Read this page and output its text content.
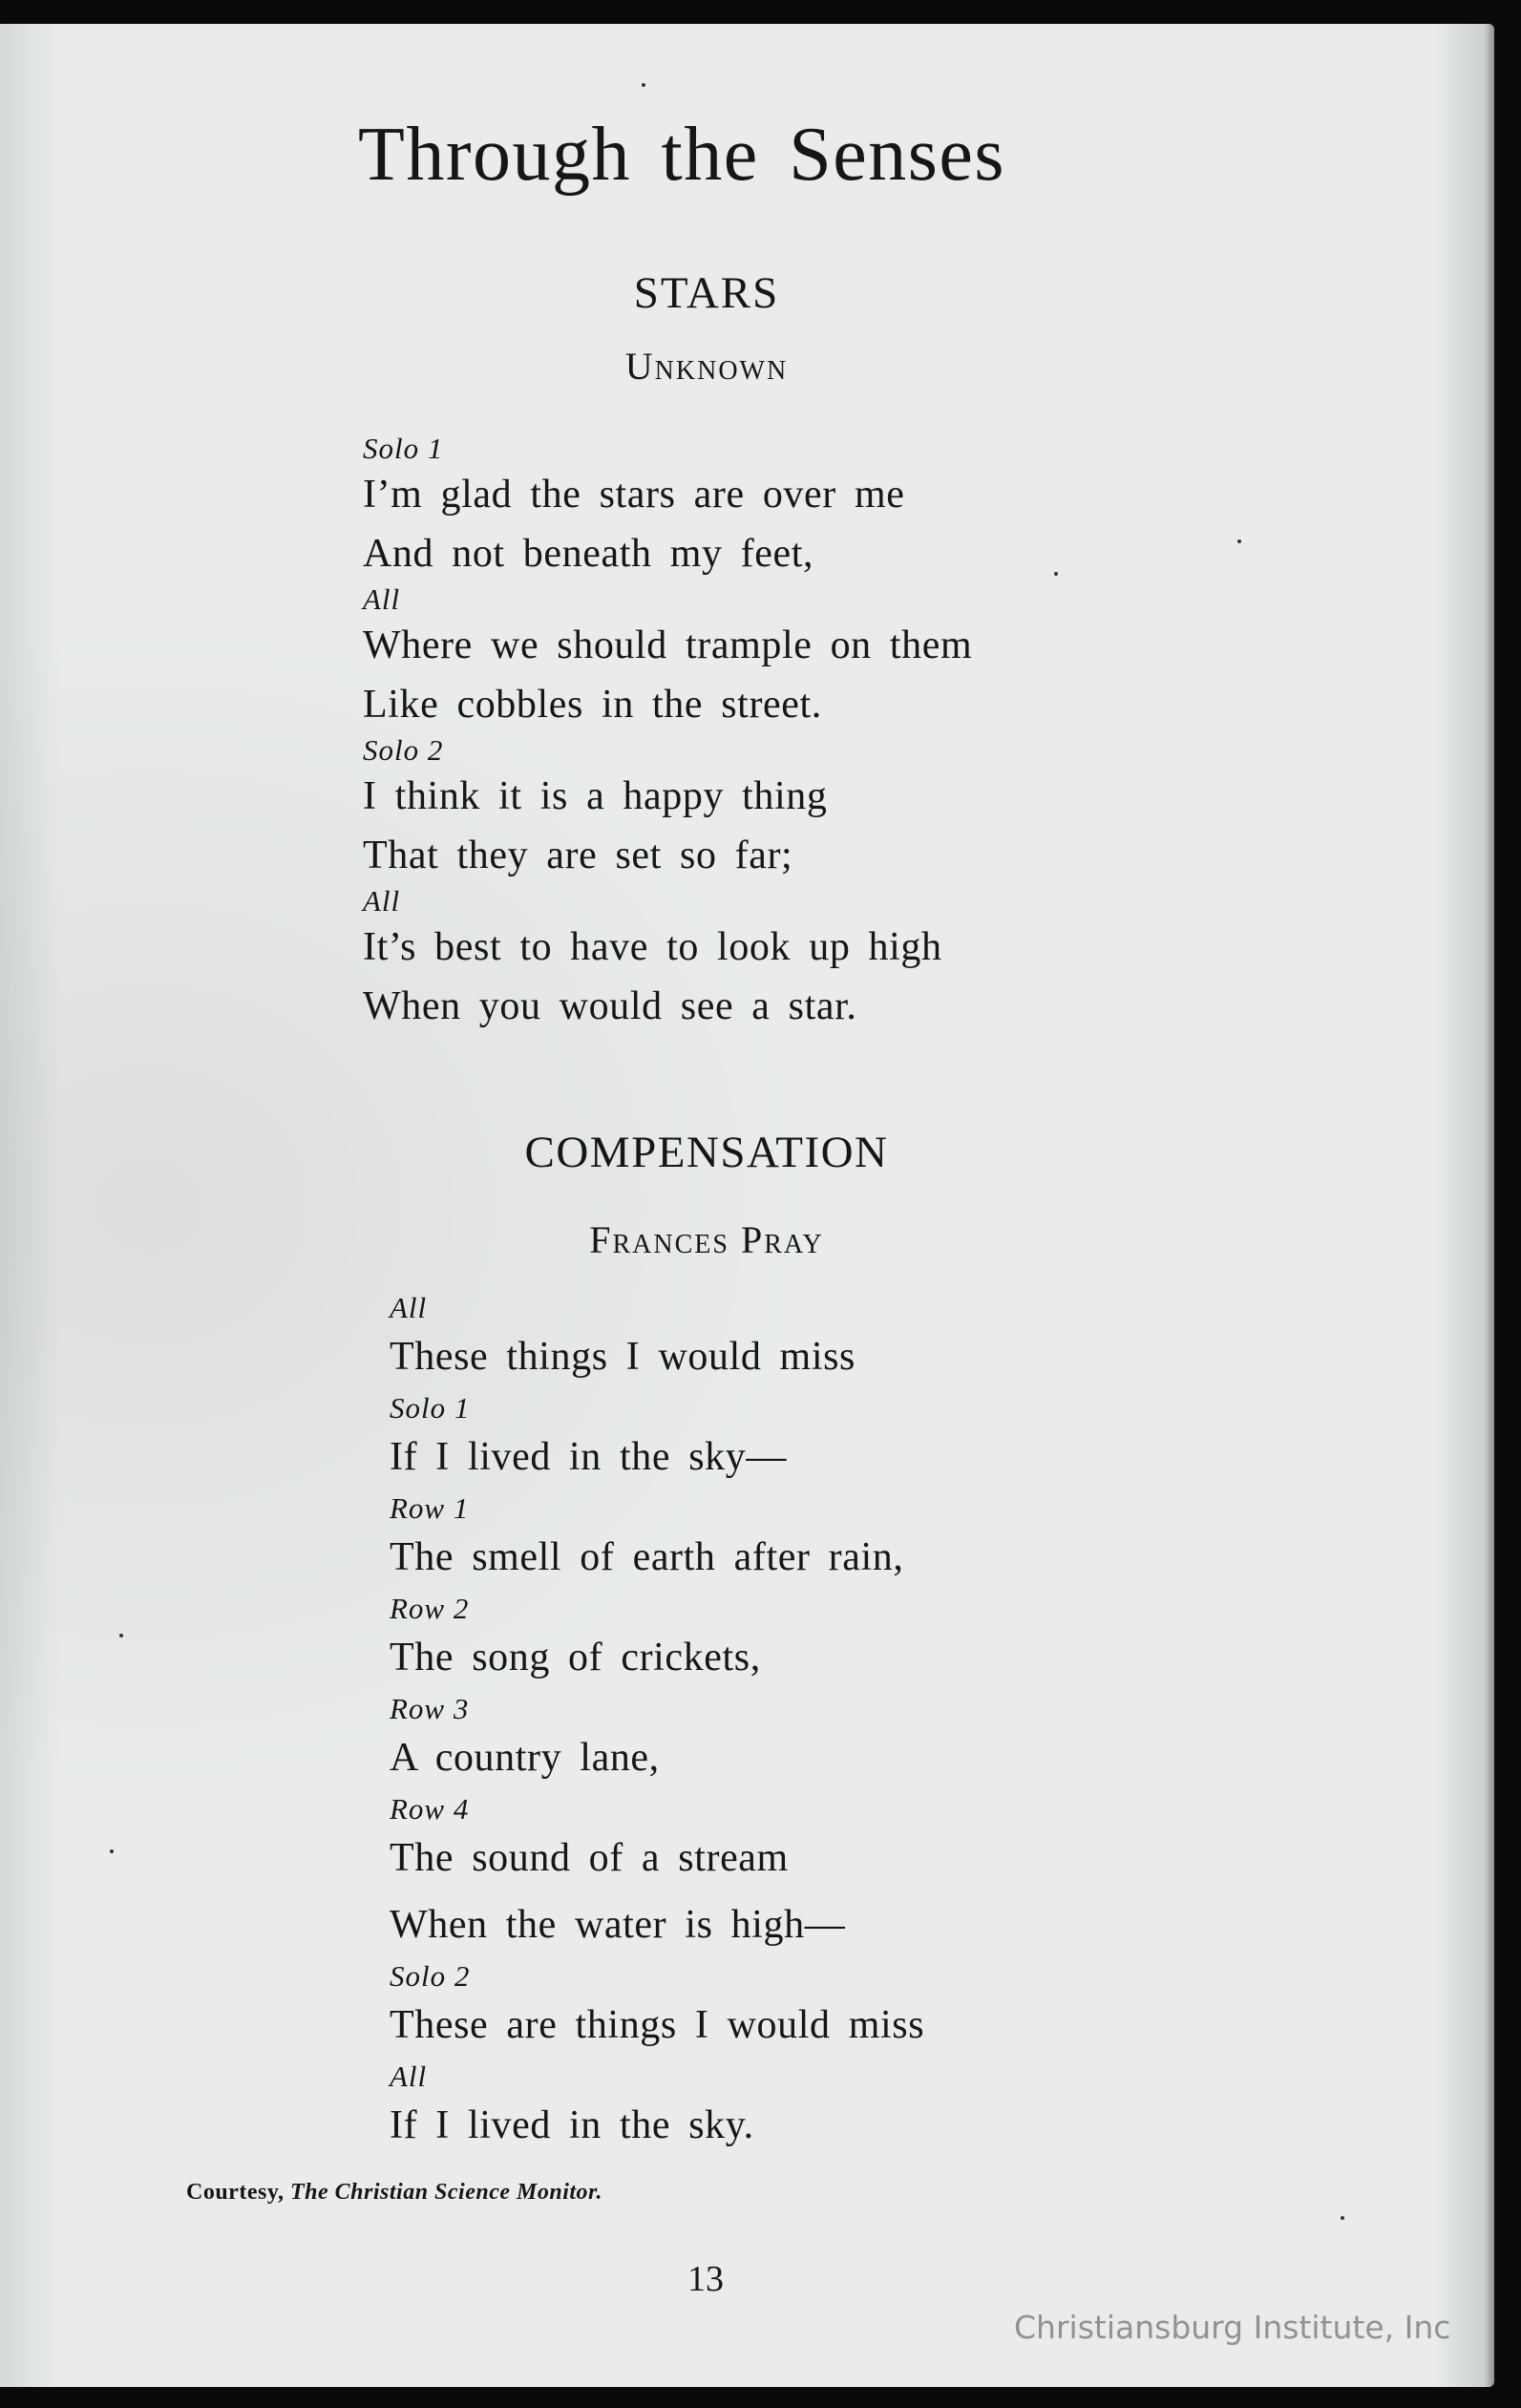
Through the Senses
STARS
Unknown
Solo 1
I’m glad the stars are over me
And not beneath my feet,
All
Where we should trample on them
Like cobbles in the street.
Solo 2
I think it is a happy thing
That they are set so far;
All
It’s best to have to look up high
When you would see a star.
COMPENSATION
Frances Pray
All
These things I would miss
Solo 1
If I lived in the sky—
Row 1
The smell of earth after rain,
Row 2
The song of crickets,
Row 3
A country lane,
Row 4
The sound of a stream
When the water is high—
Solo 2
These are things I would miss
All
If I lived in the sky.
Courtesy, The Christian Science Monitor.
13
Christiansburg Institute, Inc
